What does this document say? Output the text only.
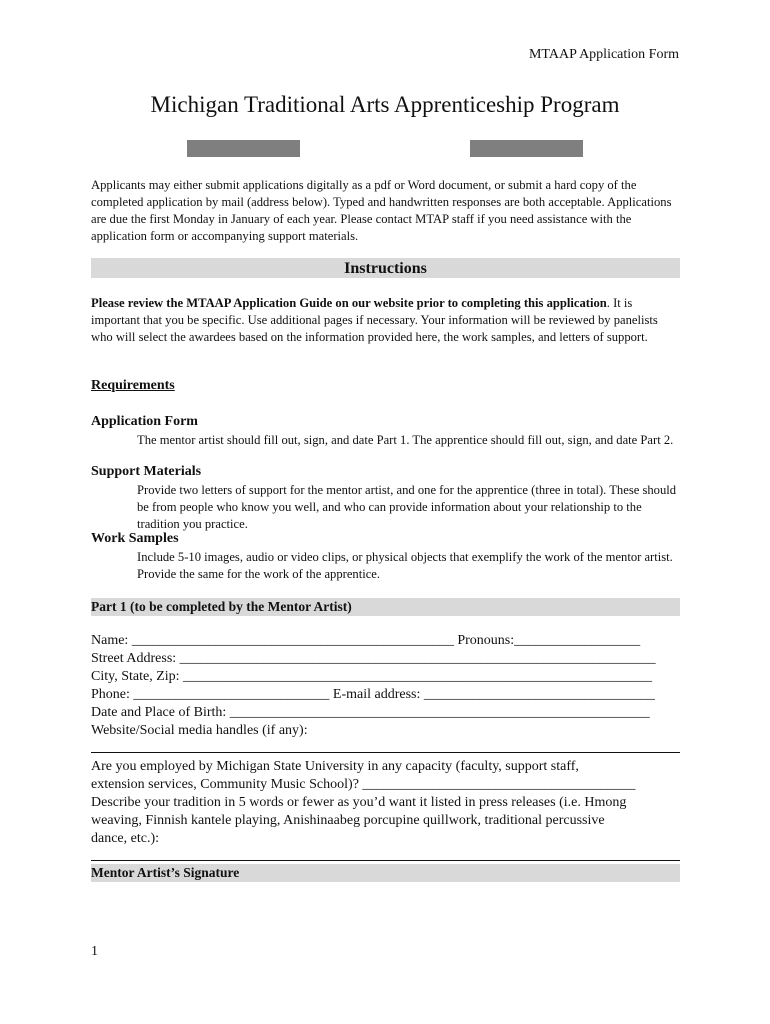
MTAAP Application Form
Michigan Traditional Arts Apprenticeship Program

APPLICATION FORM

Applicants may either submit applications digitally as a pdf or Word document, or submit a hard copy of the completed application by mail (address below). Typed and handwritten responses are both acceptable. Applications are due the first Monday in January of each year. Please contact MTAP staff if you need assistance with the application form or accompanying support materials.

Instructions

Please review the MTAAP Application Guide on our website prior to completing this application. It is important that you be specific. Use additional pages if necessary. Your information will be reviewed by panelists who will select the awardees based on the information provided here, the work samples, and letters of support.

Requirements
Application Form

The mentor artist should fill out, sign, and date Part 1. The apprentice should fill out, sign, and date Part 2.

Support Materials

Provide two letters of support for the mentor artist, and one for the apprentice (three in total). These should be from people who know you well, and who can provide information about your relationship to the tradition you practice.

Work Samples

Include 5-10 images, audio or video clips, or physical objects that exemplify the work of the mentor artist. Provide the same for the work of the apprentice.

Part 1 (to be completed by the Mentor Artist)
Name: ______________________________________________ Pronouns:__________________
Street Address: ____________________________________________________________________
City, State, Zip: ___________________________________________________________________
Phone: ____________________________ E-mail address: _________________________________
Date and Place of Birth: ____________________________________________________________
Website/Social media handles (if any):
Are you employed by Michigan State University in any capacity (faculty, support staff,
extension services, Community Music School)? _______________________________________
Describe your tradition in 5 words or fewer as you’d want it listed in press releases (i.e. Hmong
weaving, Finnish kantele playing, Anishinaabeg porcupine quillwork, traditional percussive
dance, etc.):
Mentor Artist’s Signature
1
